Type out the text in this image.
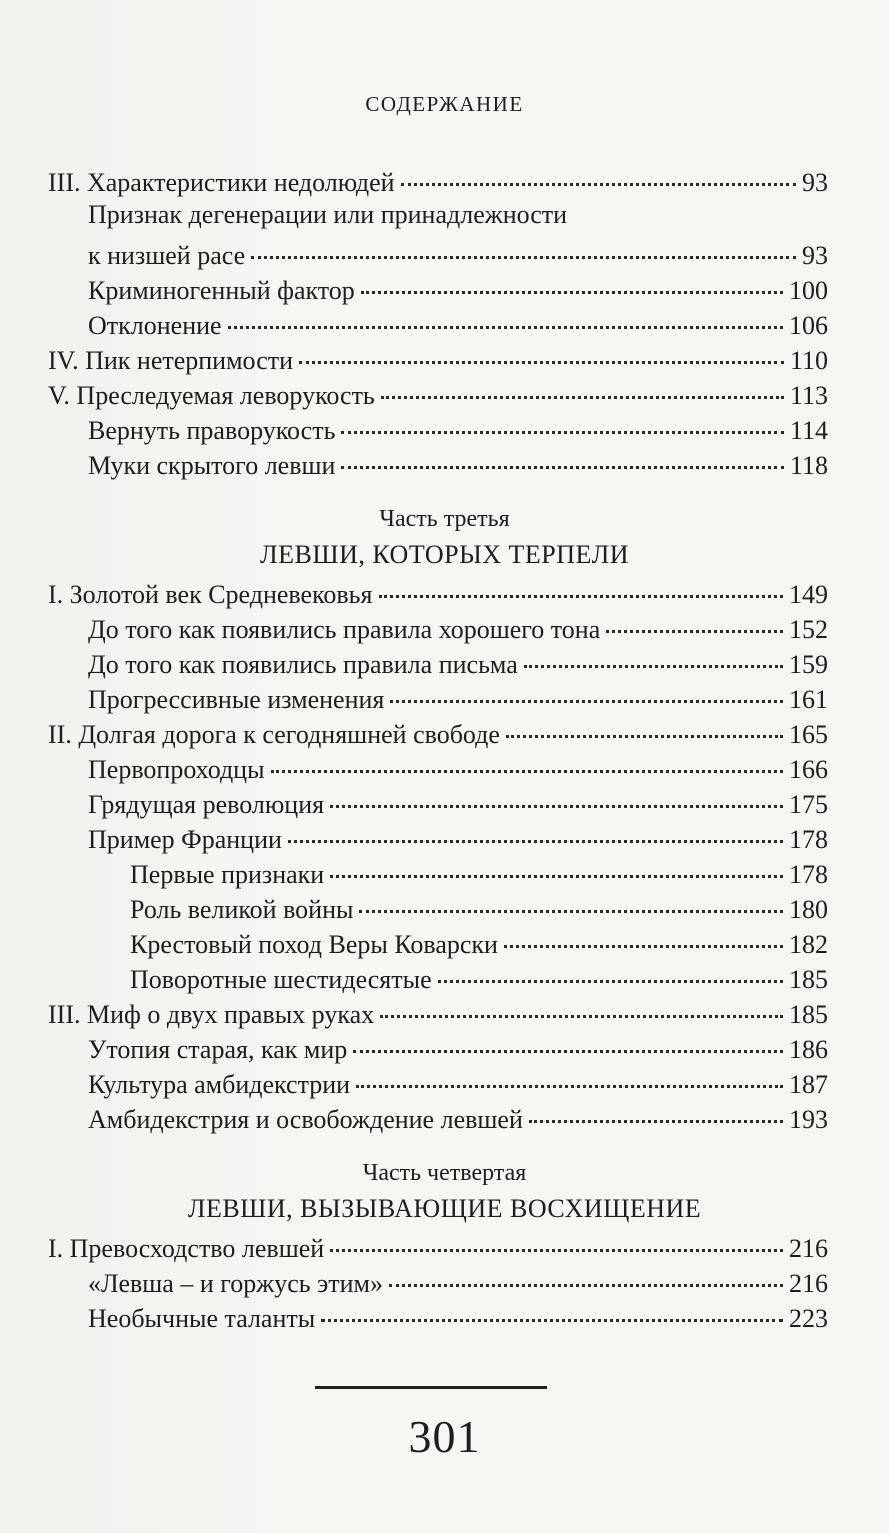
СОДЕРЖАНИЕ
III. Характеристики недолюдей	93
Признак дегенерации или принадлежности
к низшей расе	93
Криминогенный фактор	100
Отклонение	106
IV. Пик нетерпимости	110
V. Преследуемая леворукость	113
Вернуть праворукость	114
Муки скрытого левши	118
Часть третья
ЛЕВШИ, КОТОРЫХ ТЕРПЕЛИ
I. Золотой век Средневековья	149
До того как появились правила хорошего тона	152
До того как появились правила письма	159
Прогрессивные изменения	161
II. Долгая дорога к сегодняшней свободе	165
Первопроходцы	166
Грядущая революция	175
Пример Франции	178
Первые признаки	178
Роль великой войны	180
Крестовый поход Веры Коварски	182
Поворотные шестидесятые	185
III. Миф о двух правых руках	185
Утопия старая, как мир	186
Культура амбидекстрии	187
Амбидекстрия и освобождение левшей	193
Часть четвертая
ЛЕВШИ, ВЫЗЫВАЮЩИЕ ВОСХИЩЕНИЕ
I. Превосходство левшей	216
«Левша – и горжусь этим»	216
Необычные таланты	223
301
